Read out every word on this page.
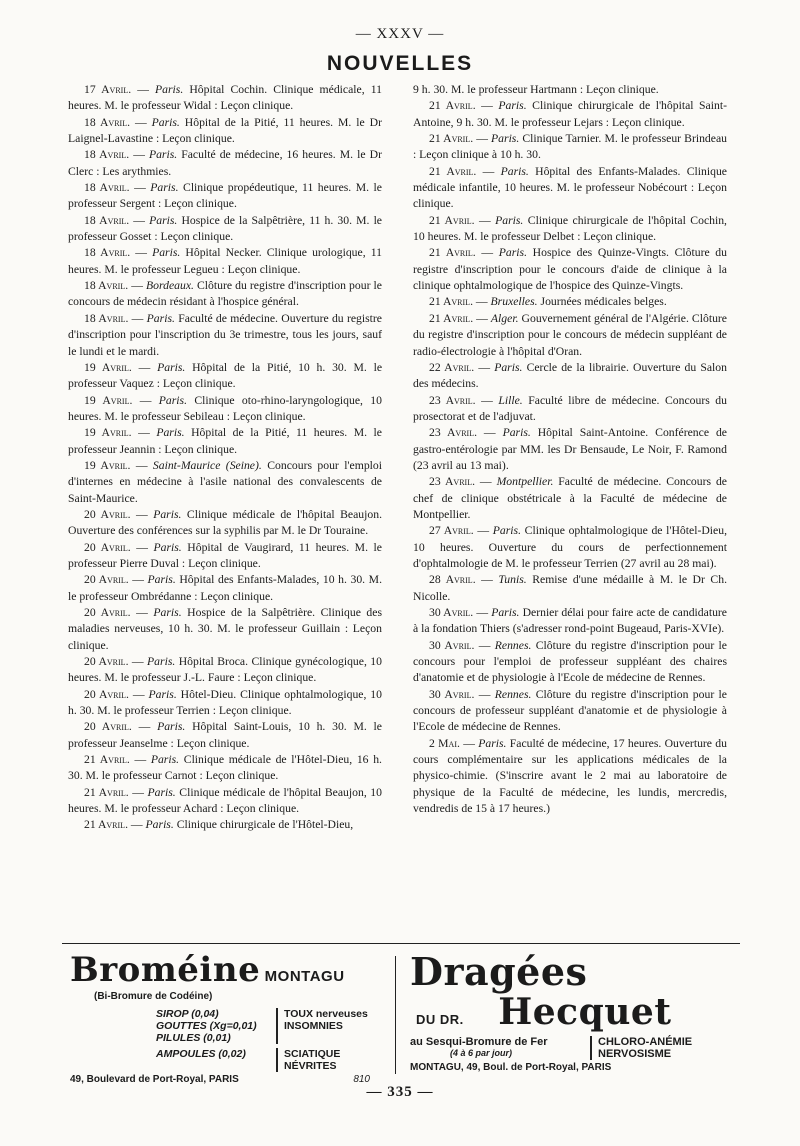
— XXXV —
NOUVELLES

17 Avril. — Paris. Hôpital Cochin. Clinique médicale, 11 heures. M. le professeur Widal : Leçon clinique.

18 Avril. — Paris. Hôpital de la Pitié, 11 heures. M. le Dr Laignel-Lavastine : Leçon clinique.

18 Avril. — Paris. Faculté de médecine, 16 heures. M. le Dr Clerc : Les arythmies.

18 Avril. — Paris. Clinique propédeutique, 11 heures. M. le professeur Sergent : Leçon clinique.

18 Avril. — Paris. Hospice de la Salpêtrière, 11 h. 30. M. le professeur Gosset : Leçon clinique.

18 Avril. — Paris. Hôpital Necker. Clinique urologique, 11 heures. M. le professeur Legueu : Leçon clinique.

18 Avril. — Bordeaux. Clôture du registre d'inscription pour le concours de médecin résidant à l'hospice général.

18 Avril. — Paris. Faculté de médecine. Ouverture du registre d'inscription pour l'inscription du 3e trimestre, tous les jours, sauf le lundi et le mardi.

19 Avril. — Paris. Hôpital de la Pitié, 10 h. 30. M. le professeur Vaquez : Leçon clinique.

19 Avril. — Paris. Clinique oto-rhino-laryngologique, 10 heures. M. le professeur Sebileau : Leçon clinique.

19 Avril. — Paris. Hôpital de la Pitié, 11 heures. M. le professeur Jeannin : Leçon clinique.

19 Avril. — Saint-Maurice (Seine). Concours pour l'emploi d'internes en médecine à l'asile national des convalescents de Saint-Maurice.

20 Avril. — Paris. Clinique médicale de l'hôpital Beaujon. Ouverture des conférences sur la syphilis par M. le Dr Touraine.

20 Avril. — Paris. Hôpital de Vaugirard, 11 heures. M. le professeur Pierre Duval : Leçon clinique.

20 Avril. — Paris. Hôpital des Enfants-Malades, 10 h. 30. M. le professeur Ombrédanne : Leçon clinique.

20 Avril. — Paris. Hospice de la Salpêtrière. Clinique des maladies nerveuses, 10 h. 30. M. le professeur Guillain : Leçon clinique.

20 Avril. — Paris. Hôpital Broca. Clinique gynécologique, 10 heures. M. le professeur J.-L. Faure : Leçon clinique.

20 Avril. — Paris. Hôtel-Dieu. Clinique ophtalmologique, 10 h. 30. M. le professeur Terrien : Leçon clinique.

20 Avril. — Paris. Hôpital Saint-Louis, 10 h. 30. M. le professeur Jeanselme : Leçon clinique.

21 Avril. — Paris. Clinique médicale de l'Hôtel-Dieu, 16 h. 30. M. le professeur Carnot : Leçon clinique.

21 Avril. — Paris. Clinique médicale de l'hôpital Beaujon, 10 heures. M. le professeur Achard : Leçon clinique.

21 Avril. — Paris. Clinique chirurgicale de l'Hôtel-Dieu,

9 h. 30. M. le professeur Hartmann : Leçon clinique.

21 Avril. — Paris. Clinique chirurgicale de l'hôpital Saint-Antoine, 9 h. 30. M. le professeur Lejars : Leçon clinique.

21 Avril. — Paris. Clinique Tarnier. M. le professeur Brindeau : Leçon clinique à 10 h. 30.

21 Avril. — Paris. Hôpital des Enfants-Malades. Clinique médicale infantile, 10 heures. M. le professeur Nobécourt : Leçon clinique.

21 Avril. — Paris. Clinique chirurgicale de l'hôpital Cochin, 10 heures. M. le professeur Delbet : Leçon clinique.

21 Avril. — Paris. Hospice des Quinze-Vingts. Clôture du registre d'inscription pour le concours d'aide de clinique à la clinique ophtalmologique de l'hospice des Quinze-Vingts.

21 Avril. — Bruxelles. Journées médicales belges.

21 Avril. — Alger. Gouvernement général de l'Algérie. Clôture du registre d'inscription pour le concours de médecin suppléant de radio-électrologie à l'hôpital d'Oran.

22 Avril. — Paris. Cercle de la librairie. Ouverture du Salon des médecins.

23 Avril. — Lille. Faculté libre de médecine. Concours du prosectorat et de l'adjuvat.

23 Avril. — Paris. Hôpital Saint-Antoine. Conférence de gastro-entérologie par MM. les Dr Bensaude, Le Noir, F. Ramond (23 avril au 13 mai).

23 Avril. — Montpellier. Faculté de médecine. Concours de chef de clinique obstétricale à la Faculté de médecine de Montpellier.

27 Avril. — Paris. Clinique ophtalmologique de l'Hôtel-Dieu, 10 heures. Ouverture du cours de perfectionnement d'ophtalmologie de M. le professeur Terrien (27 avril au 28 mai).

28 Avril. — Tunis. Remise d'une médaille à M. le Dr Ch. Nicolle.

30 Avril. — Paris. Dernier délai pour faire acte de candidature à la fondation Thiers (s'adresser rond-point Bugeaud, Paris-XVIe).

30 Avril. — Rennes. Clôture du registre d'inscription pour le concours pour l'emploi de professeur suppléant des chaires d'anatomie et de physiologie à l'Ecole de médecine de Rennes.

30 Avril. — Rennes. Clôture du registre d'inscription pour le concours de professeur suppléant d'anatomie et de physiologie à l'Ecole de médecine de Rennes.

2 Mai. — Paris. Faculté de médecine, 17 heures. Ouverture du cours complémentaire sur les applications médicales de la physico-chimie. (S'inscrire avant le 2 mai au laboratoire de physique de la Faculté de médecine, les lundis, mercredis, vendredis de 15 à 17 heures.)

Broméine MONTAGU
(Bi-Bromure de Codéine)
SIROP (0,04)
GOUTTES (Xg=0,01)
PILULES (0,01)
TOUX nerveuses
INSOMNIES
AMPOULES (0,02)	SCIATIQUE
NÉVRITES
49, Boulevard de Port-Royal, PARIS	810
Dragées
DU DR. Hecquet
au Sesqui-Bromure de Fer
(4 à 6 par jour)
CHLORO-ANÉMIE
NERVOSISME
MONTAGU, 49, Boul. de Port-Royal, PARIS
— 335 —
